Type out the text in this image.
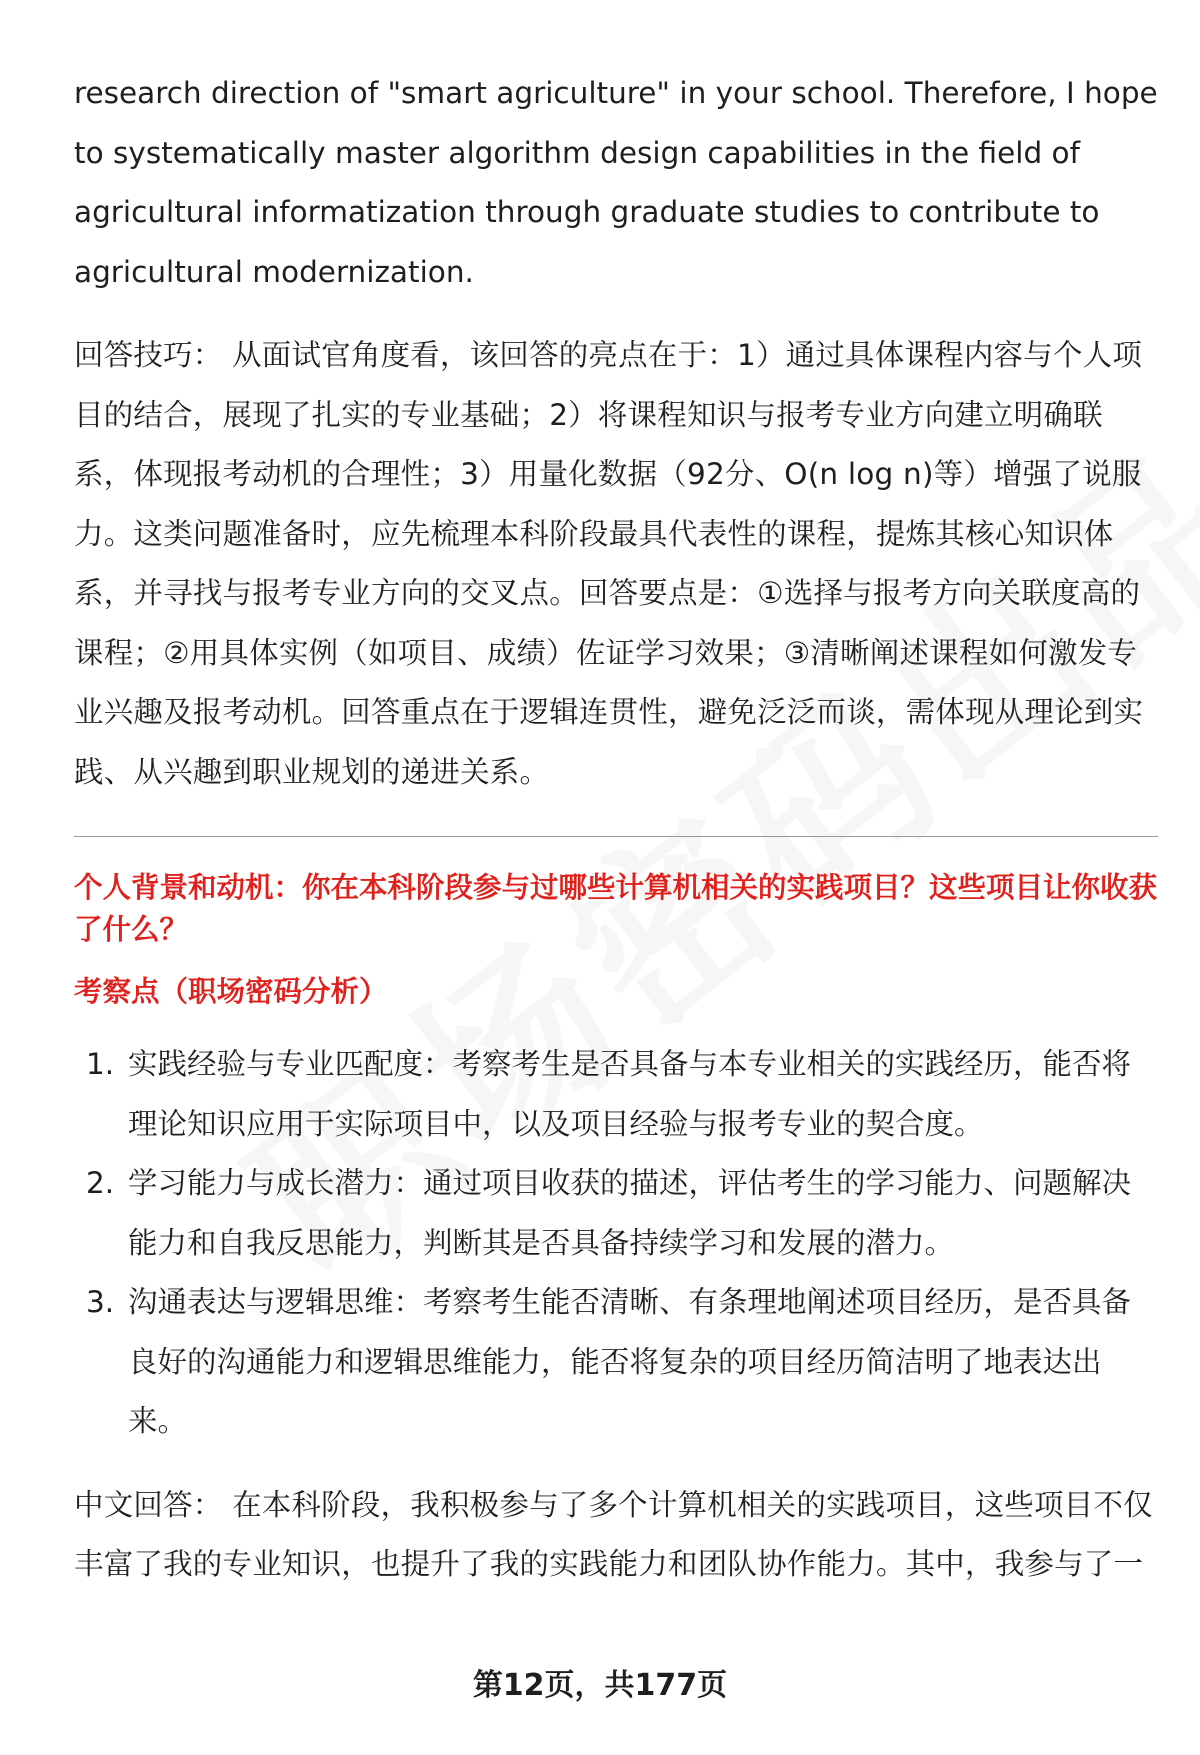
research direction of "smart agriculture" in your school. Therefore, I hope to systematically master algorithm design capabilities in the field of agricultural informatization through graduate studies to contribute to agricultural modernization.

回答技巧： 从面试官角度看，该回答的亮点在于：1）通过具体课程内容与个人项目的结合，展现了扎实的专业基础；2）将课程知识与报考专业方向建立明确联系，体现报考动机的合理性；3）用量化数据（92分、O(n log n)等）增强了说服力。这类问题准备时，应先梳理本科阶段最具代表性的课程，提炼其核心知识体系，并寻找与报考专业方向的交叉点。回答要点是：①选择与报考方向关联度高的课程；②用具体实例（如项目、成绩）佐证学习效果；③清晰阐述课程如何激发专业兴趣及报考动机。回答重点在于逻辑连贯性，避免泛泛而谈，需体现从理论到实践、从兴趣到职业规划的递进关系。

个人背景和动机：你在本科阶段参与过哪些计算机相关的实践项目？这些项目让你收获了什么？

考察点（职场密码分析）

1. 实践经验与专业匹配度：考察考生是否具备与本专业相关的实践经历，能否将理论知识应用于实际项目中，以及项目经验与报考专业的契合度。
2. 学习能力与成长潜力：通过项目收获的描述，评估考生的学习能力、问题解决能力和自我反思能力，判断其是否具备持续学习和发展的潜力。
3. 沟通表达与逻辑思维：考察考生能否清晰、有条理地阐述项目经历，是否具备良好的沟通能力和逻辑思维能力，能否将复杂的项目经历简洁明了地表达出来。

中文回答： 在本科阶段，我积极参与了多个计算机相关的实践项目，这些项目不仅丰富了我的专业知识，也提升了我的实践能力和团队协作能力。其中，我参与了一

第12页，共177页
